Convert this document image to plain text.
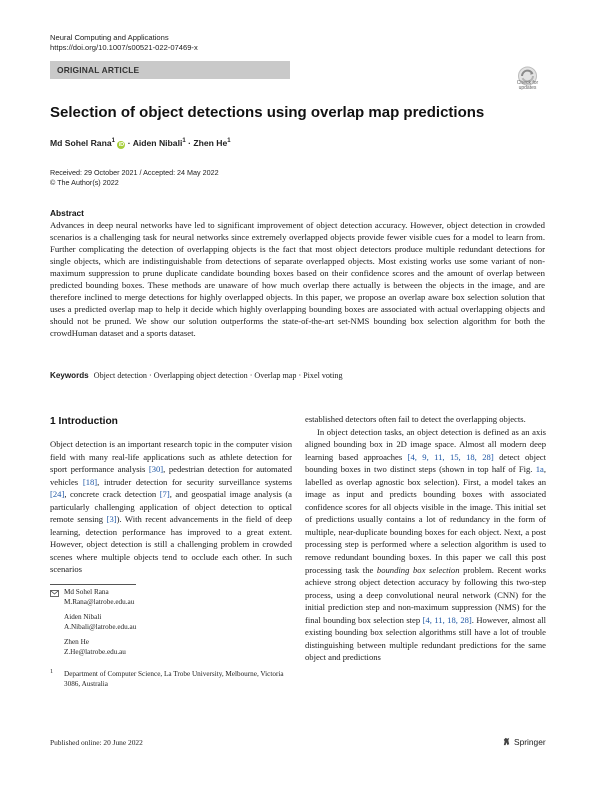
Neural Computing and Applications
https://doi.org/10.1007/s00521-022-07469-x
ORIGINAL ARTICLE
Check for
updates
Selection of object detections using overlap map predictions
Md Sohel Rana$^1$ iD · Aiden Nibali$^1$ · Zhen He$^1$
Received: 29 October 2021 / Accepted: 24 May 2022
© The Author(s) 2022
Abstract
Advances in deep neural networks have led to significant improvement of object detection accuracy. However, object detection in crowded scenarios is a challenging task for neural networks since extremely overlapped objects provide fewer visible cues for a model to learn from. Further complicating the detection of overlapping objects is the fact that most object detectors produce multiple redundant detections for single objects, which are indistinguishable from detections of separate overlapped objects. Most existing works use some variant of non-maximum suppression to prune duplicate candidate bounding boxes based on their confidence scores and the amount of overlap between predicted bounding boxes. These methods are unaware of how much overlap there actually is between the objects in the image, and are therefore inclined to merge detections for highly overlapped objects. In this paper, we propose an overlap aware box selection solution that uses a predicted overlap map to help it decide which highly overlapping bounding boxes are associated with actual overlapping objects and should not be pruned. We show our solution outperforms the state-of-the-art set-NMS bounding box selection algorithm for both the crowdHuman dataset and a sports dataset.
Keywords Object detection · Overlapping object detection · Overlap map · Pixel voting
1 Introduction

Object detection is an important research topic in the computer vision field with many real-life applications such as athlete detection for sport performance analysis [30], pedestrian detection for automated vehicles [18], intruder detection for security surveillance systems [24], concrete crack detection [7], and geospatial image analysis (a particularly challenging application of object detection to optical remote sensing [3]). With recent advancements in the field of deep learning, detection performance has improved to a great extent. However, object detection is still a challenging problem in crowded scenes where multiple objects tend to occlude each other. In such scenarios

established detectors often fail to detect the overlapping objects.

In object detection tasks, an object detection is defined as an axis aligned bounding box in 2D image space. Almost all modern deep learning based approaches [4, 9, 11, 15, 18, 28] detect object bounding boxes in two distinct steps (shown in top half of Fig. 1a, labelled as overlap agnostic box selection). First, a model takes an image as input and predicts bounding boxes with associated confidence scores for all objects visible in the image. This initial set of predictions usually contains a lot of redundancy in the form of multiple, near-duplicate bounding boxes for each object. Next, a post processing step is performed where a selection algorithm is used to remove redundant bounding boxes. In this paper we call this post processing task the bounding box selection problem. Recent works achieve strong object detection accuracy by following this two-step process, using a deep convolutional neural network (CNN) for the initial prediction step and non-maximum suppression (NMS) for the final bounding box selection step [4, 11, 18, 28]. However, almost all existing bounding box selection algorithms still have a lot of trouble distinguishing between multiple redundant predictions for the same object and predictions

Md Sohel Rana
M.Rana@latrobe.edu.au
Aiden Nibali
A.Nibali@latrobe.edu.au
Zhen He
Z.He@latrobe.edu.au
1 Department of Computer Science, La Trobe University, Melbourne, Victoria 3086, Australia
Published online: 20 June 2022	Springer
